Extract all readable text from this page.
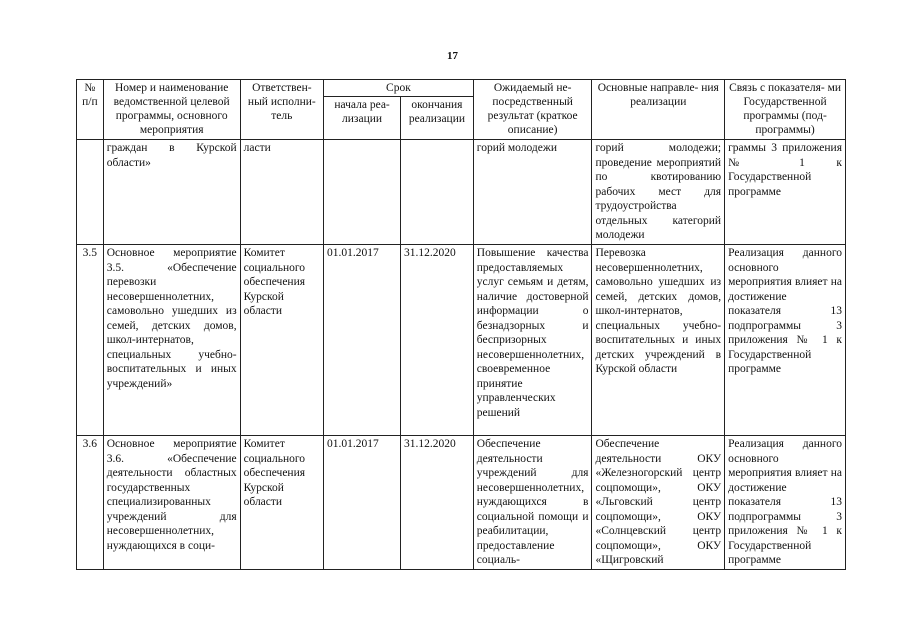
17
№ п/п	Номер и наименование ведомственной целевой программы, основного мероприятия	Ответствен- ный исполни- тель	Срок		Ожидаемый не- посредственный результат (краткое описание)	Основные направле- ния реализации	Связь с показателя- ми Государственной программы (под- программы)
			начала реа- лизации	окончания реализации			
	граждан в Курской области»	ласти			горий молодежи	горий молодежи; проведение мероприятий по квотированию рабочих мест для трудоустройства отдельных категорий молодежи	граммы 3 приложения № 1 к Государственной программе
3.5	Основное мероприятие 3.5. «Обеспечение перевозки несовершеннолетних, самовольно ушедших из семей, детских домов, школ-интернатов, специальных учебно-воспитательных и иных учреждений»	Комитет социального обеспечения Курской области	01.01.2017	31.12.2020	Повышение качества предоставляемых услуг семьям и детям, наличие достоверной информации о безнадзорных и беспризорных несовершеннолетних, своевременное принятие управленческих решений	Перевозка несовершеннолетних, самовольно ушедших из семей, детских домов, школ-интернатов, специальных учебно-воспитательных и иных детских учреждений в Курской области	Реализация данного основного мероприятия влияет на достижение показателя 13 подпрограммы 3 приложения № 1 к Государственной программе
3.6	Основное мероприятие 3.6. «Обеспечение деятельности областных государственных специализированных учреждений для несовершеннолетних, нуждающихся в соци-	Комитет социального обеспечения Курской области	01.01.2017	31.12.2020	Обеспечение деятельности учреждений для несовершеннолетних, нуждающихся в социальной помощи и реабилитации, предоставление социаль-	Обеспечение деятельности ОКУ «Железногорский центр соцпомощи», ОКУ «Льговский центр соцпомощи», ОКУ «Солнцевский центр соцпомощи», ОКУ «Щигровский	Реализация данного основного мероприятия влияет на достижение показателя 13 подпрограммы 3 приложения № 1 к Государственной программе
